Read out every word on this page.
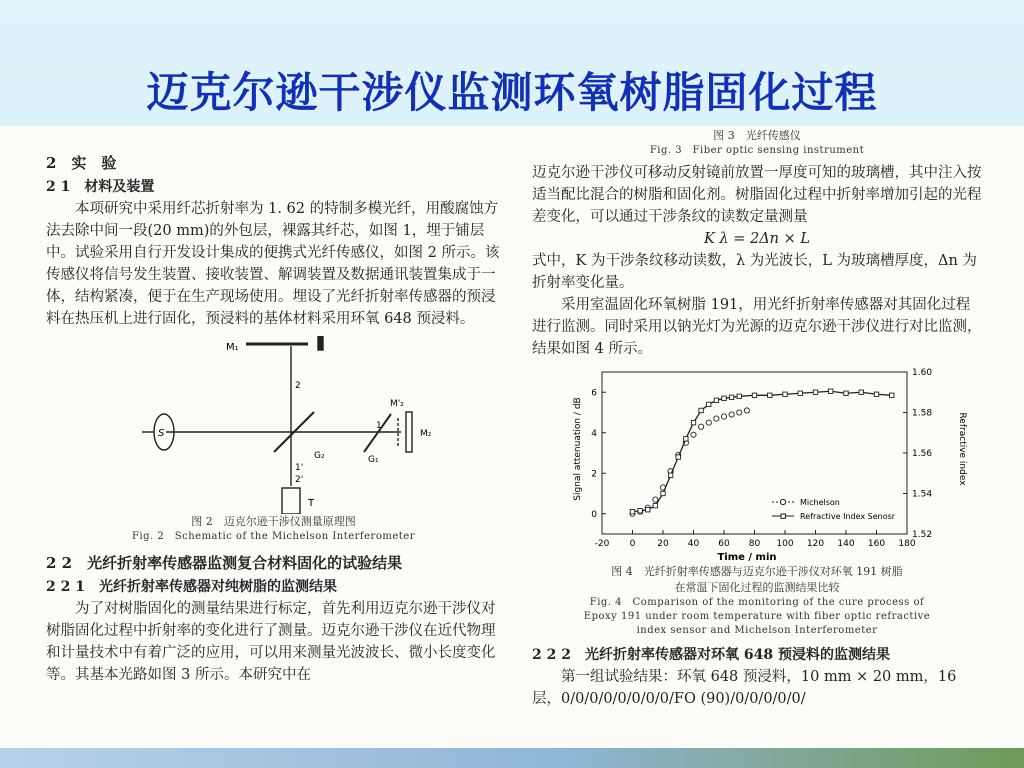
迈克尔逊干涉仪监测环氧树脂固化过程
2　实　验
2 1　材料及装置

本项研究中采用纤芯折射率为 1. 62 的特制多模光纤，用酸腐蚀方法去除中间一段(20 mm)的外包层，裸露其纤芯，如图 1，埋于铺层中。试验采用自行开发设计集成的便携式光纤传感仪，如图 2 所示。该传感仪将信号发生装置、接收装置、解调装置及数据通讯装置集成于一体，结构紧凑，便于在生产现场使用。埋设了光纤折射率传感器的预浸料在热压机上进行固化，预浸料的基体材料采用环氧 648 预浸料。

M₁
S
G₁
G₂
M'₂
M₂
T
2
1
1'
2'
图 2　迈克尔逊干涉仪测量原理图
Fig. 2　Schematic of the Michelson Interferometer
2 2　光纤折射率传感器监测复合材料固化的试验结果
2 2 1　光纤折射率传感器对纯树脂的监测结果

为了对树脂固化的测量结果进行标定，首先利用迈克尔逊干涉仪对树脂固化过程中折射率的变化进行了测量。迈克尔逊干涉仪在近代物理和计量技术中有着广泛的应用，可以用来测量光波波长、微小长度变化等。其基本光路如图 3 所示。本研究中在

图 3　光纤传感仪
Fig. 3　Fiber optic sensing instrument

迈克尔逊干涉仪可移动反射镜前放置一厚度可知的玻璃槽，其中注入按适当配比混合的树脂和固化剂。树脂固化过程中折射率增加引起的光程差变化，可以通过干涉条纹的读数定量测量

K λ = 2Δn × L

式中，K 为干涉条纹移动读数，λ 为光波长，L 为玻璃槽厚度，Δn 为折射率变化量。

采用室温固化环氧树脂 191，用光纤折射率传感器对其固化过程进行监测。同时采用以钠光灯为光源的迈克尔逊干涉仪进行对比监测，结果如图 4 所示。

-20 0 20 40 60 80 100 120 140 160 180
0
2
4
6
1.52
1.54
1.56
1.58
1.60
Michelson
Refractive Index Senosr
Time / min
Signal attenuation / dB	Refractive index
图 4　光纤折射率传感器与迈克尔逊干涉仪对环氧 191 树脂
在常温下固化过程的监测结果比较
Fig. 4　Comparison of the monitoring of the cure process of
Epoxy 191 under room temperature with fiber optic refractive
index sensor and Michelson Interferometer
2 2 2　光纤折射率传感器对环氧 648 预浸料的监测结果

第一组试验结果：环氧 648 预浸料，10 mm × 20 mm，16 层，0/0/0/0/0/0/0/0/FO (90)/0/0/0/0/0/
